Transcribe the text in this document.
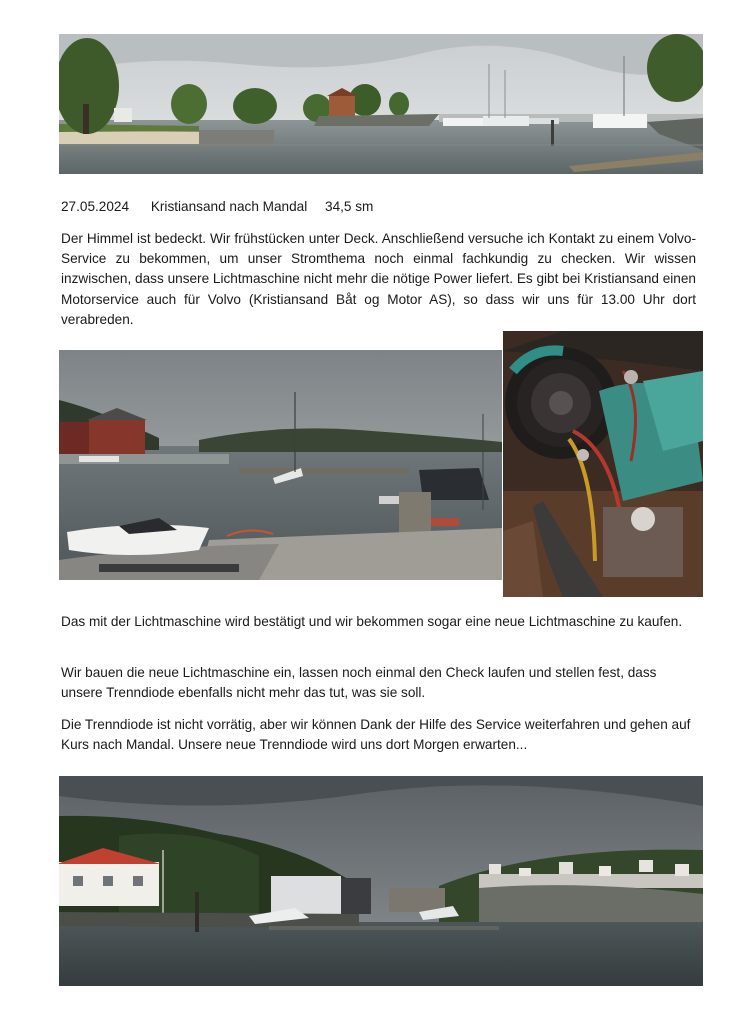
27.05.2024 Kristiansand nach Mandal 34,5 sm

Der Himmel ist bedeckt. Wir frühstücken unter Deck. Anschließend versuche ich Kontakt zu einem Volvo-Service zu bekommen, um unser Stromthema noch einmal fachkundig zu checken. Wir wissen inzwischen, dass unsere Lichtmaschine nicht mehr die nötige Power liefert. Es gibt bei Kristiansand einen Motorservice auch für Volvo (Kristiansand Båt og Motor AS), so dass wir uns für 13.00 Uhr dort verabreden.

Das mit der Lichtmaschine wird bestätigt und wir bekommen sogar eine neue Lichtmaschine zu kaufen.

Wir bauen die neue Lichtmaschine ein, lassen noch einmal den Check laufen und stellen fest, dass unsere Trenndiode ebenfalls nicht mehr das tut, was sie soll.

Die Trenndiode ist nicht vorrätig, aber wir können Dank der Hilfe des Service weiterfahren und gehen auf Kurs nach Mandal. Unsere neue Trenndiode wird uns dort Morgen erwarten...
